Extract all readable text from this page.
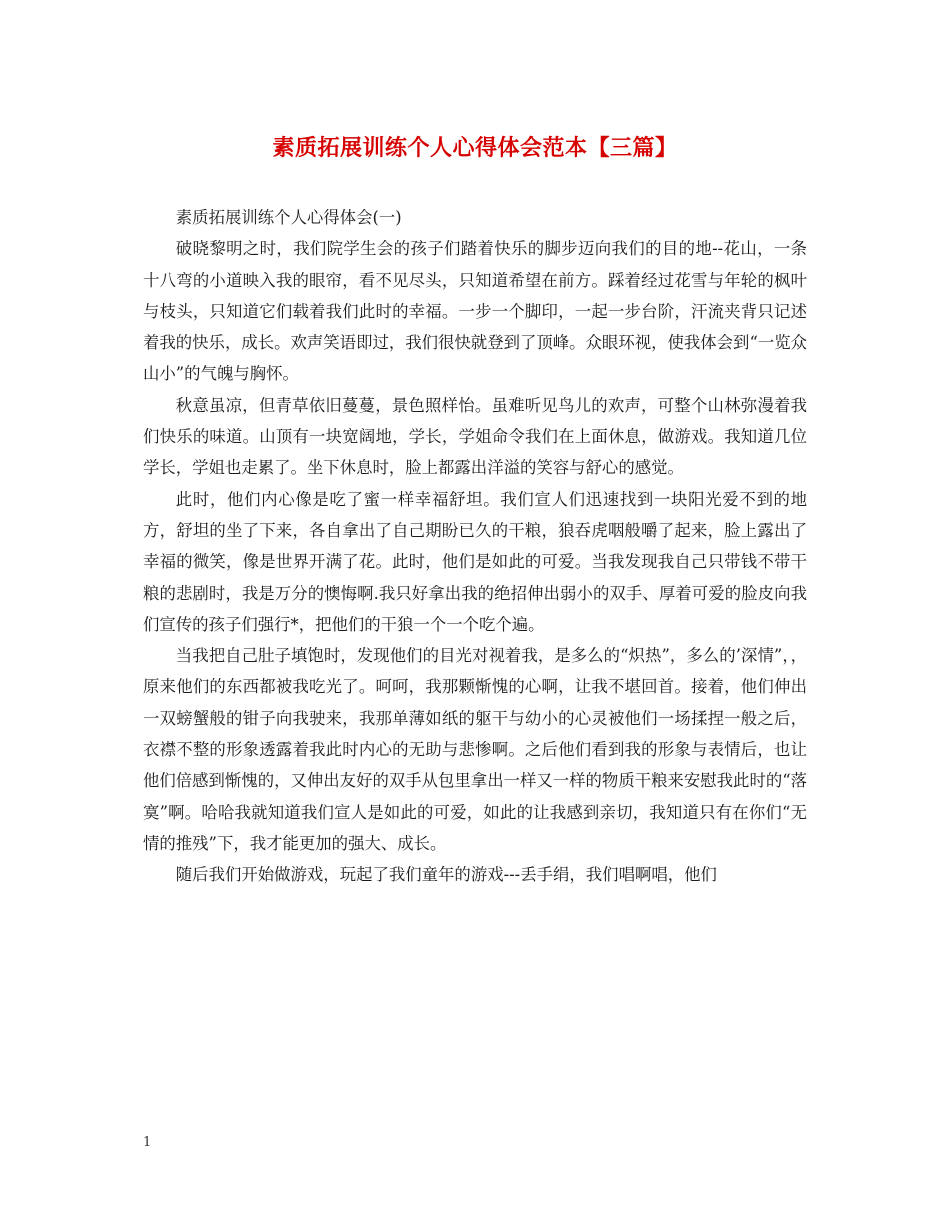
素质拓展训练个人心得体会范本【三篇】

素质拓展训练个人心得体会(一)

破晓黎明之时，我们院学生会的孩子们踏着快乐的脚步迈向我们的目的地--花山，一条十八弯的小道映入我的眼帘，看不见尽头，只知道希望在前方。踩着经过花雪与年轮的枫叶与枝头，只知道它们载着我们此时的幸福。一步一个脚印，一起一步台阶，汗流夹背只记述着我的快乐，成长。欢声笑语即过，我们很快就登到了顶峰。众眼环视，使我体会到“一览众山小”的气魄与胸怀。

秋意虽凉，但青草依旧蔓蔓，景色照样怡。虽难听见鸟儿的欢声，可整个山林弥漫着我们快乐的味道。山顶有一块宽阔地，学长，学姐命令我们在上面休息，做游戏。我知道几位学长，学姐也走累了。坐下休息时，脸上都露出洋溢的笑容与舒心的感觉。

此时，他们内心像是吃了蜜一样幸福舒坦。我们宣人们迅速找到一块阳光爱不到的地方，舒坦的坐了下来，各自拿出了自己期盼已久的干粮，狼吞虎咽般嚼了起来，脸上露出了幸福的微笑，像是世界开满了花。此时，他们是如此的可爱。当我发现我自己只带钱不带干粮的悲剧时，我是万分的懊悔啊.我只好拿出我的绝招伸出弱小的双手、厚着可爱的脸皮向我们宣传的孩子们强行*，把他们的干狼一个一个吃个遍。

当我把自己肚子填饱时，发现他们的目光对视着我，是多么的“炽热”，多么的’深情”，，原来他们的东西都被我吃光了。呵呵，我那颗惭愧的心啊，让我不堪回首。接着，他们伸出一双螃蟹般的钳子向我驶来，我那单薄如纸的躯干与幼小的心灵被他们一场揉捏一般之后，衣襟不整的形象透露着我此时内心的无助与悲惨啊。之后他们看到我的形象与表情后，也让他们倍感到惭愧的，又伸出友好的双手从包里拿出一样又一样的物质干粮来安慰我此时的“落寞”啊。哈哈我就知道我们宣人是如此的可爱，如此的让我感到亲切，我知道只有在你们“无情的推残”下，我才能更加的强大、成长。

随后我们开始做游戏，玩起了我们童年的游戏---丢手绢，我们唱啊唱，他们

1
